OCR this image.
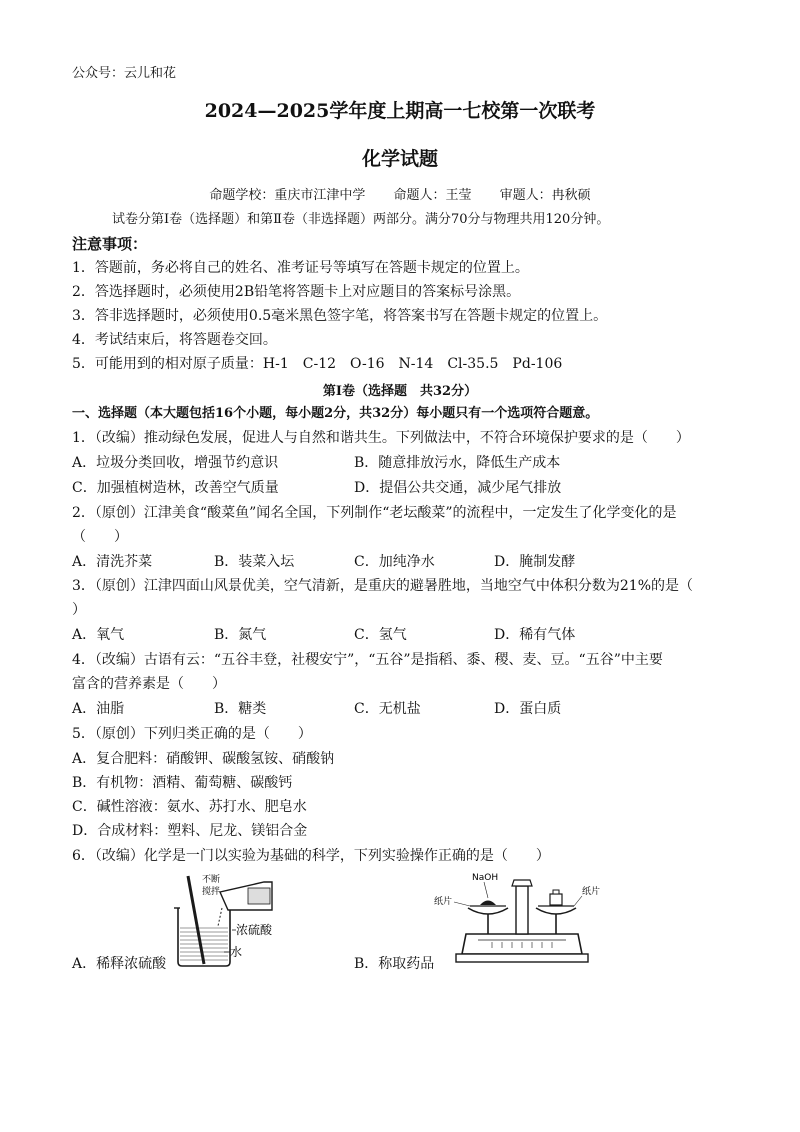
公众号：云儿和花
2024—2025学年度上期高一七校第一次联考
化学试题
命题学校：重庆市江津中学 命题人：王莹 审题人：冉秋硕
试卷分第Ⅰ卷（选择题）和第Ⅱ卷（非选择题）两部分。满分70分与物理共用120分钟。
注意事项：
1．答题前，务必将自己的姓名、准考证号等填写在答题卡规定的位置上。
2．答选择题时，必须使用2B铅笔将答题卡上对应题目的答案标号涂黑。
3．答非选择题时，必须使用0.5毫米黑色签字笔，将答案书写在答题卡规定的位置上。
4．考试结束后，将答题卷交回。
5．可能用到的相对原子质量：H-1　C-12　O-16　N-14　Cl-35.5　Pd-106
第Ⅰ卷（选择题　共32分）
一、选择题（本大题包括16个小题，每小题2分，共32分）每小题只有一个选项符合题意。
1．（改编）推动绿色发展，促进人与自然和谐共生。下列做法中，不符合环境保护要求的是（　　）
A．垃圾分类回收，增强节约意识	B．随意排放污水，降低生产成本
C．加强植树造林，改善空气质量	D．提倡公共交通，减少尾气排放
2．（原创）江津美食“酸菜鱼”闻名全国，下列制作“老坛酸菜”的流程中，一定发生了化学变化的是
（　　）
A．清洗芥菜	B．装菜入坛	C．加纯净水	D．腌制发酵
3．（原创）江津四面山风景优美，空气清新，是重庆的避暑胜地，当地空气中体积分数为21%的是（
）
A．氧气	B．氮气	C．氢气	D．稀有气体
4．（改编）古语有云：“五谷丰登，社稷安宁”，“五谷”是指稻、黍、稷、麦、豆。“五谷”中主要
富含的营养素是（　　）
A．油脂	B．糖类	C．无机盐	D．蛋白质
5．（原创）下列归类正确的是（　　）
A．复合肥料：硝酸钾、碳酸氢铵、硝酸钠
B．有机物：酒精、葡萄糖、碳酸钙
C．碱性溶液：氨水、苏打水、肥皂水
D．合成材料：塑料、尼龙、镁铝合金
6．（改编）化学是一门以实验为基础的科学，下列实验操作正确的是（　　）
不断
搅拌
浓硫酸
水
NaOH
纸片
纸片
A．稀释浓硫酸	B．称取药品
